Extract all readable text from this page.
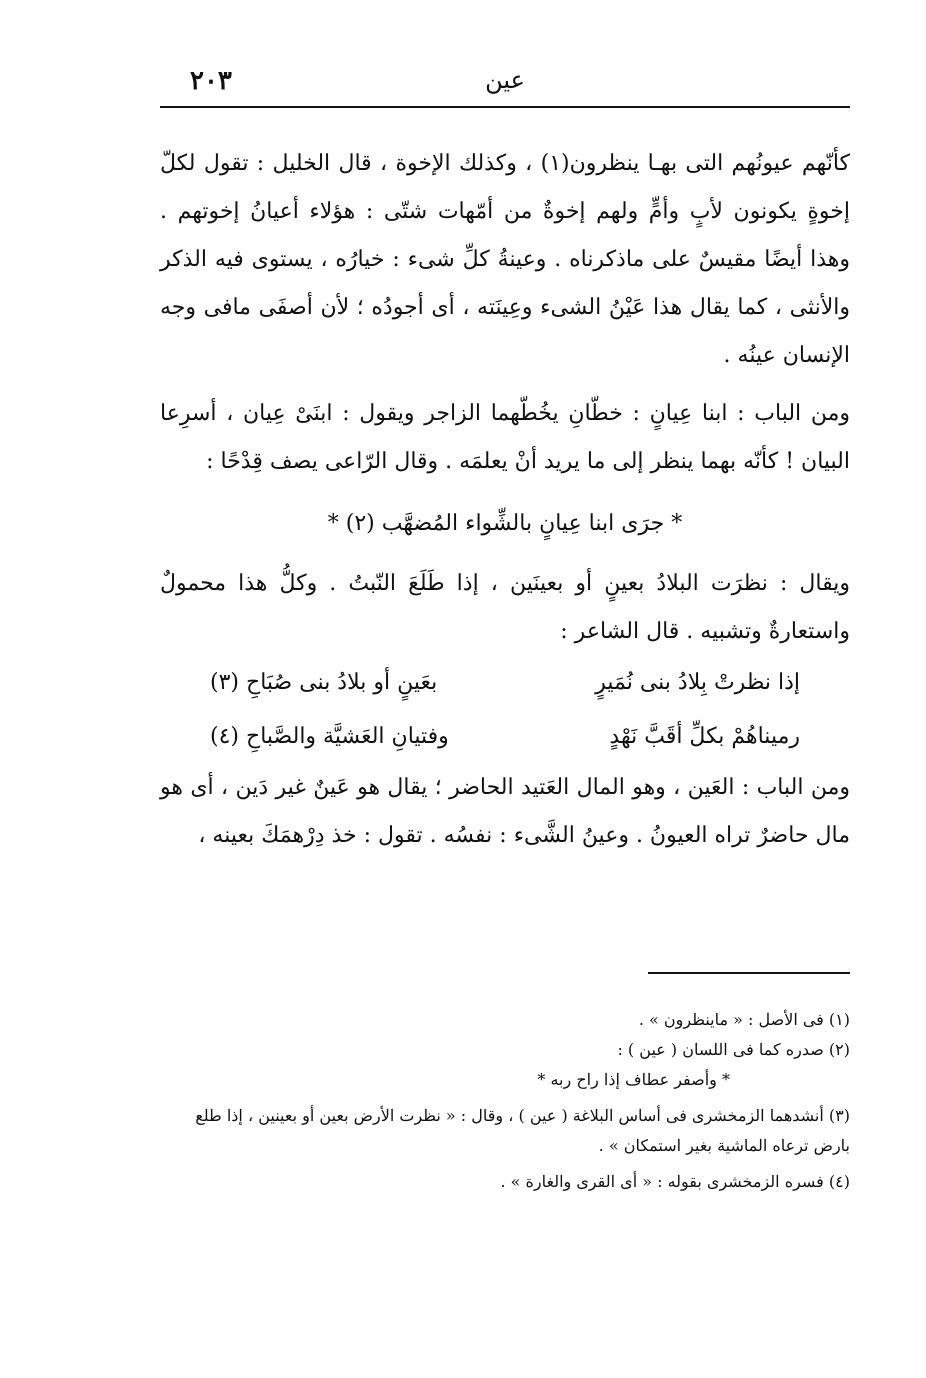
عين
٢٠٣

كأنّهم عيونُهم التى بهـا ينظرون(١) ، وكذلك الإخوة ، قال الخليل : تقول لكلّ إخوةٍ يكونون لأبٍ وأمٍّ ولهم إخوةٌ من أمّهات شتّى : هؤلاء أعيانُ إخوتهم . وهذا أيضًا مقيسٌ على ماذكرناه . وعينةُ كلِّ شىء : خيارُه ، يستوى فيه الذكر والأنثى ، كما يقال هذا عَيْنُ الشىء وعِينَته ، أى أجودُه ؛ لأن أصفَى مافى وجه الإنسان عينُه .

ومن الباب : ابنا عِيانٍ : خطّانِ يخُطّهما الزاجر ويقول : ابنَىْ عِيان ، أسرِعا البيان ! كأنّه بهما ينظر إلى ما يريد أنْ يعلمَه . وقال الرّاعى يصف قِدْحًا :

* جرَى ابنا عِيانٍ بالشِّواء المُضهَّب (٢) *

ويقال : نظرَت البلادُ بعينٍ أو بعينَين ، إذا طَلَعَ النّبتُ . وكلُّ هذا محمولٌ واستعارةٌ وتشبيه . قال الشاعر :

إذا نظرتْ بِلادُ بنى نُمَيرٍ
بعَينٍ أو بلادُ بنى صُبَاحِ (٣)
رميناهُمْ بكلِّ أقَبَّ نَهْدٍ
وفتيانِ العَشيَّة والصَّباحِ (٤)

ومن الباب : العَين ، وهو المال العَتيد الحاضر ؛ يقال هو عَينٌ غير دَين ، أى هو مال حاضرٌ تراه العيونُ . وعينُ الشَّىء : نفسُه . تقول : خذ دِرْهمَكَ بعينه ،

(١) فى الأصل : « ماينظرون » .

(٢) صدره كما فى اللسان ( عين ) :

* وأصفر عطاف إذا راح ربه *

(٣) أنشدهما الزمخشرى فى أساس البلاغة ( عين ) ، وقال : « نظرت الأرض بعين أو بعينين ، إذا طلع بارض ترعاه الماشية بغير استمكان » .

(٤) فسره الزمخشرى بقوله : « أى القرى والغارة » .
